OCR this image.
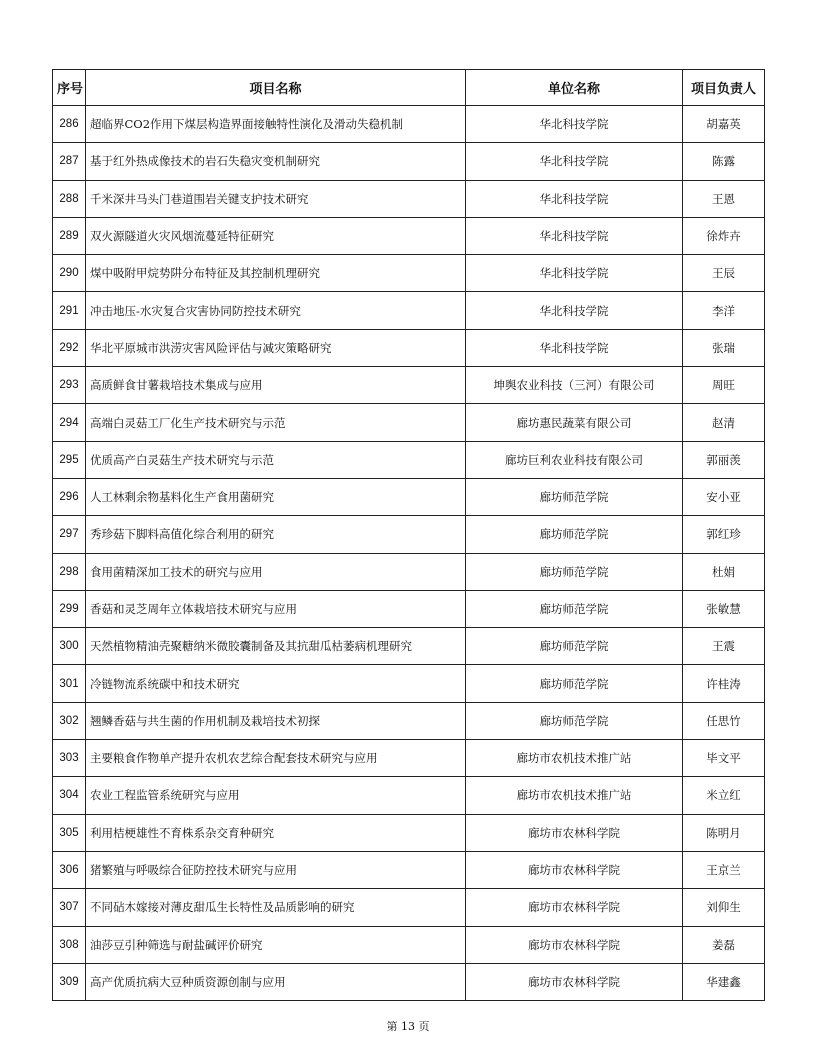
序号	项目名称	单位名称	项目负责人
286	超临界CO2作用下煤层构造界面接触特性演化及滑动失稳机制	华北科技学院	胡嘉英
287	基于红外热成像技术的岩石失稳灾变机制研究	华北科技学院	陈露
288	千米深井马头门巷道围岩关键支护技术研究	华北科技学院	王恩
289	双火源隧道火灾风烟流蔓延特征研究	华北科技学院	徐炸卉
290	煤中吸附甲烷势阱分布特征及其控制机理研究	华北科技学院	王辰
291	冲击地压-水灾复合灾害协同防控技术研究	华北科技学院	李洋
292	华北平原城市洪涝灾害风险评估与减灾策略研究	华北科技学院	张瑞
293	高质鲜食甘薯栽培技术集成与应用	坤舆农业科技（三河）有限公司	周旺
294	高端白灵菇工厂化生产技术研究与示范	廊坊惠民蔬菜有限公司	赵清
295	优质高产白灵菇生产技术研究与示范	廊坊巨利农业科技有限公司	郭丽羡
296	人工林剩余物基料化生产食用菌研究	廊坊师范学院	安小亚
297	秀珍菇下脚料高值化综合利用的研究	廊坊师范学院	郭红珍
298	食用菌精深加工技术的研究与应用	廊坊师范学院	杜娟
299	香菇和灵芝周年立体栽培技术研究与应用	廊坊师范学院	张敏慧
300	天然植物精油壳聚糖纳米微胶囊制备及其抗甜瓜枯萎病机理研究	廊坊师范学院	王震
301	冷链物流系统碳中和技术研究	廊坊师范学院	许桂涛
302	翘鳞香菇与共生菌的作用机制及栽培技术初探	廊坊师范学院	任思竹
303	主要粮食作物单产提升农机农艺综合配套技术研究与应用	廊坊市农机技术推广站	毕文平
304	农业工程监管系统研究与应用	廊坊市农机技术推广站	米立红
305	利用桔梗雄性不育株系杂交育种研究	廊坊市农林科学院	陈明月
306	猪繁殖与呼吸综合征防控技术研究与应用	廊坊市农林科学院	王京兰
307	不同砧木嫁接对薄皮甜瓜生长特性及品质影响的研究	廊坊市农林科学院	刘仰生
308	油莎豆引种筛选与耐盐碱评价研究	廊坊市农林科学院	姜磊
309	高产优质抗病大豆种质资源创制与应用	廊坊市农林科学院	华建鑫
第 13 页
